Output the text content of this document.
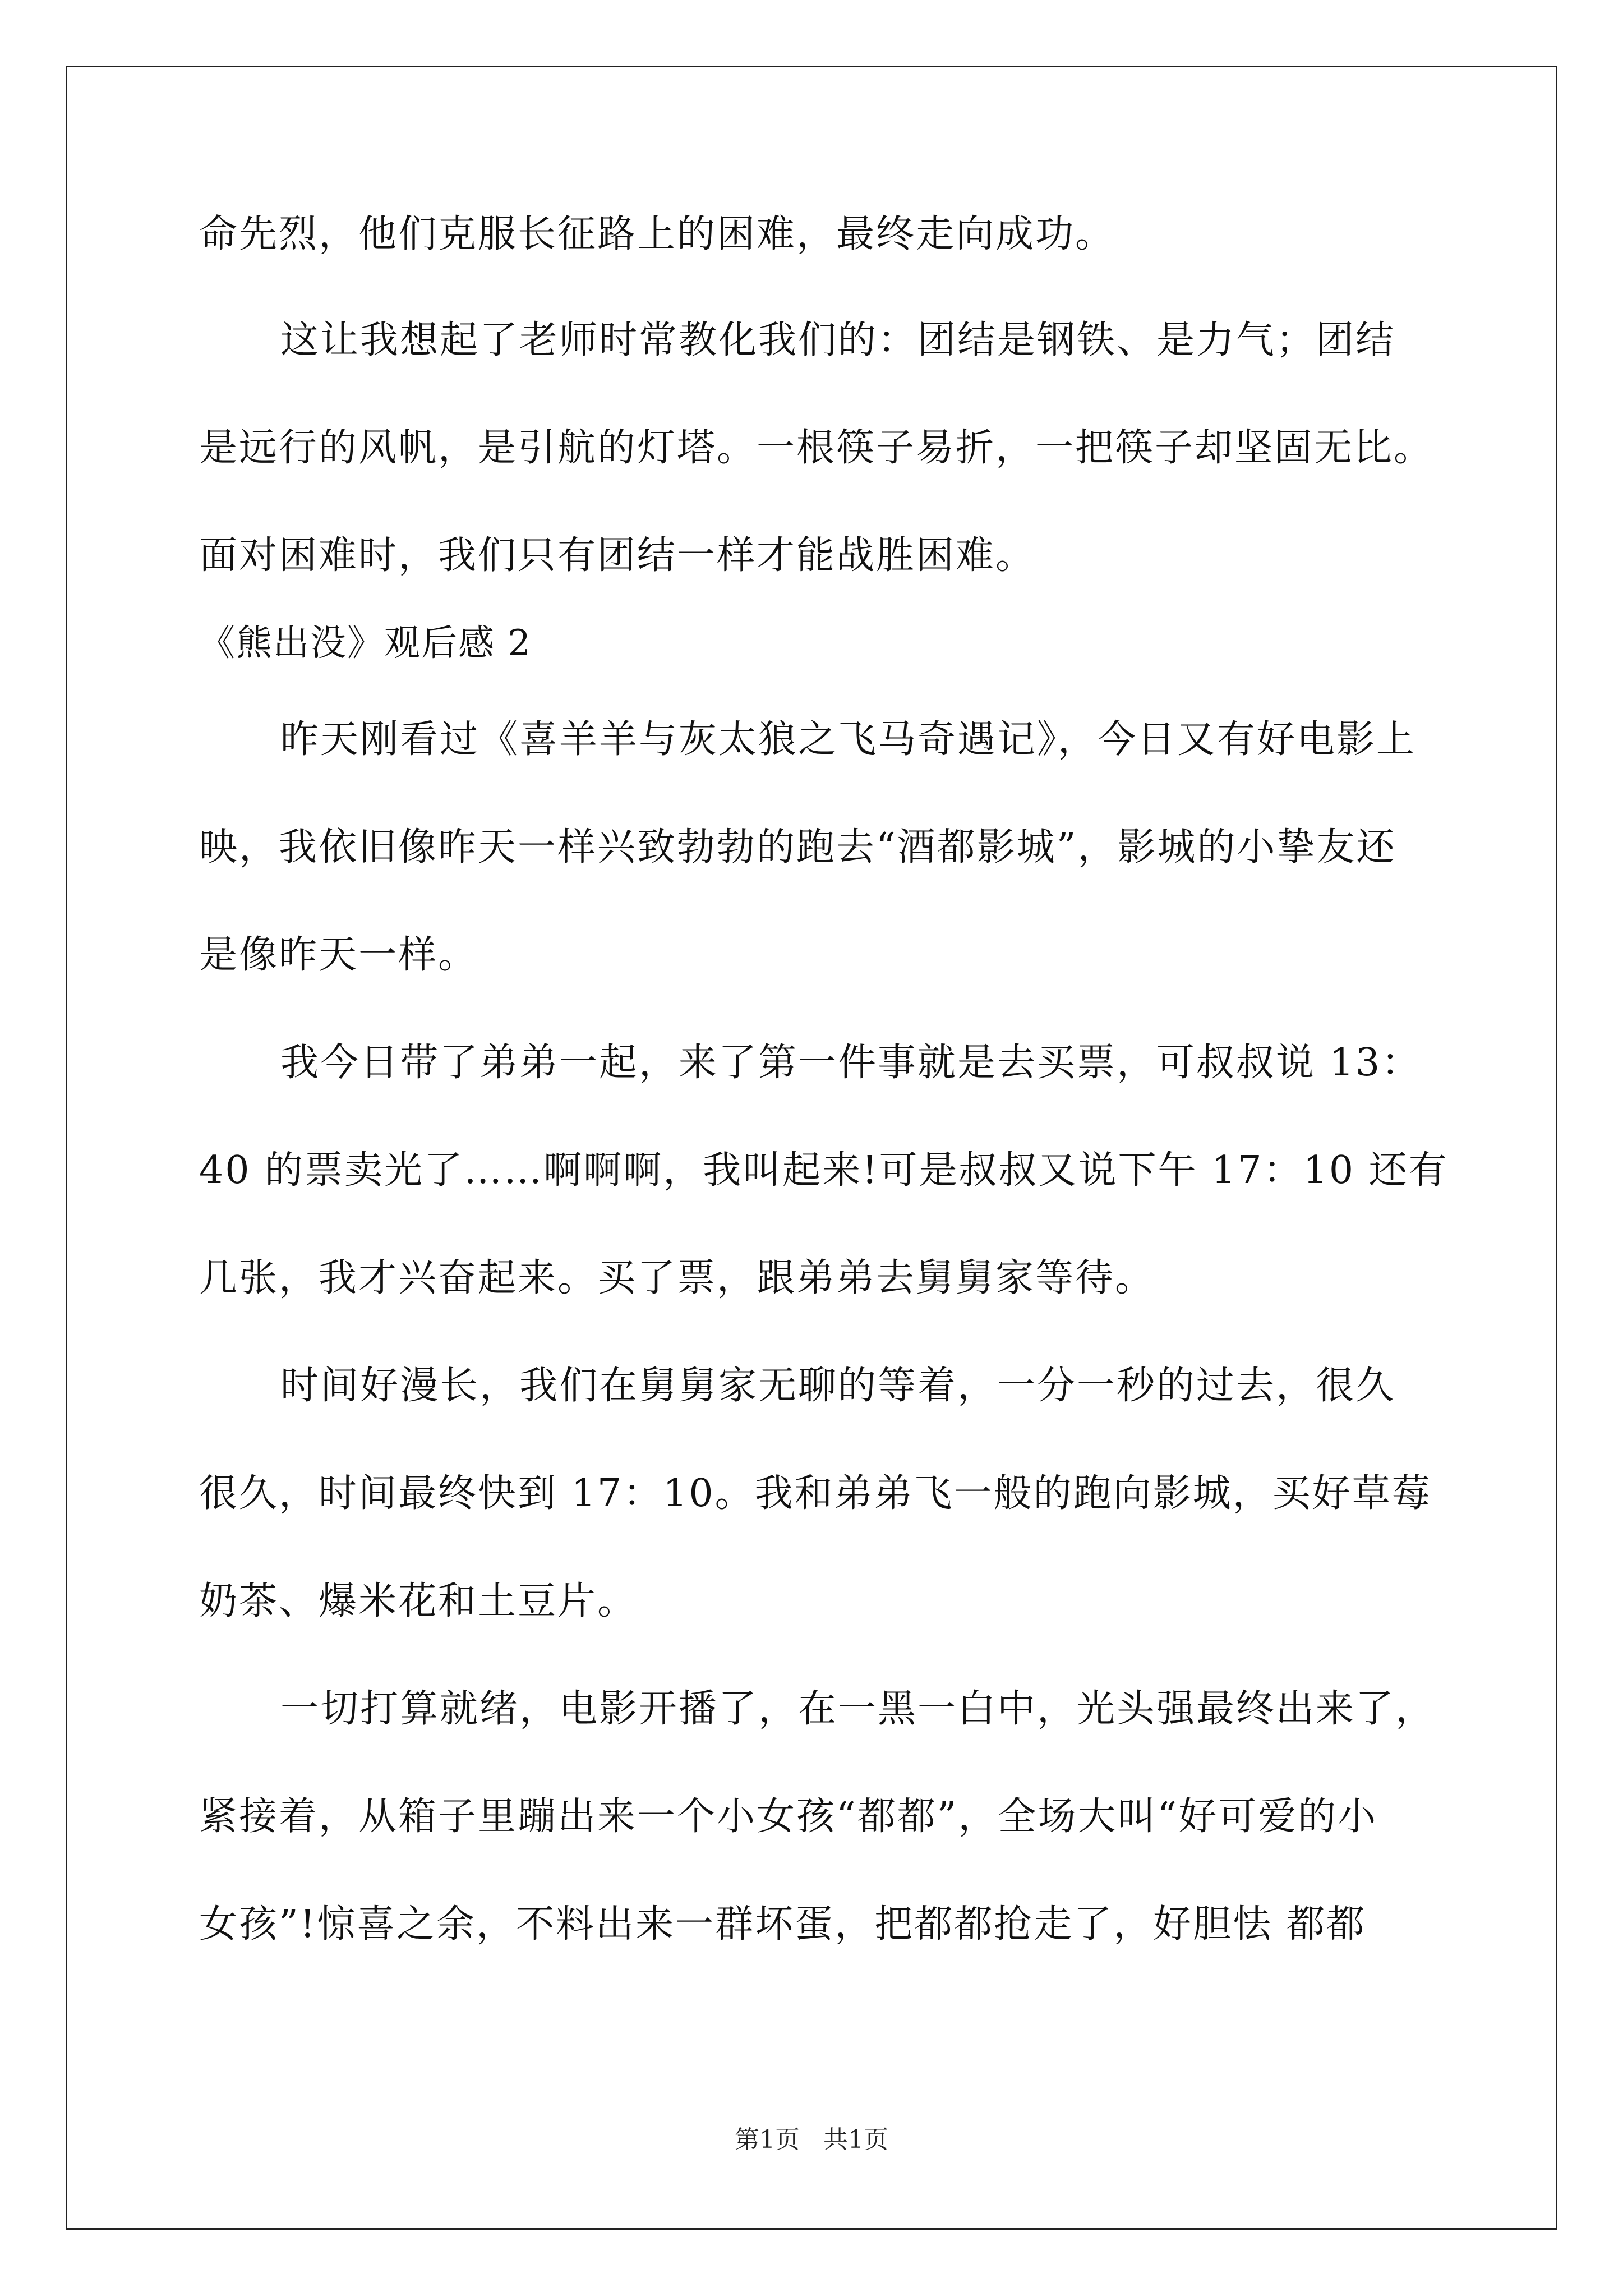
命先烈，他们克服长征路上的困难，最终走向成功。
这让我想起了老师时常教化我们的：团结是钢铁、是力气；团结
是远行的风帆，是引航的灯塔。一根筷子易折，一把筷子却坚固无比。
面对困难时，我们只有团结一样才能战胜困难。
《熊出没》观后感 2
昨天刚看过《喜羊羊与灰太狼之飞马奇遇记》，今日又有好电影上
映，我依旧像昨天一样兴致勃勃的跑去“酒都影城”，影城的小挚友还
是像昨天一样。
我今日带了弟弟一起，来了第一件事就是去买票，可叔叔说 13：
40 的票卖光了……啊啊啊，我叫起来!可是叔叔又说下午 17：10 还有
几张，我才兴奋起来。买了票，跟弟弟去舅舅家等待。
时间好漫长，我们在舅舅家无聊的等着，一分一秒的过去，很久
很久，时间最终快到 17：10。我和弟弟飞一般的跑向影城，买好草莓
奶茶、爆米花和土豆片。
一切打算就绪，电影开播了，在一黑一白中，光头强最终出来了，
紧接着，从箱子里蹦出来一个小女孩“都都”，全场大叫“好可爱的小
女孩”!惊喜之余，不料出来一群坏蛋，把都都抢走了，好胆怯 都都
第1页 共1页
